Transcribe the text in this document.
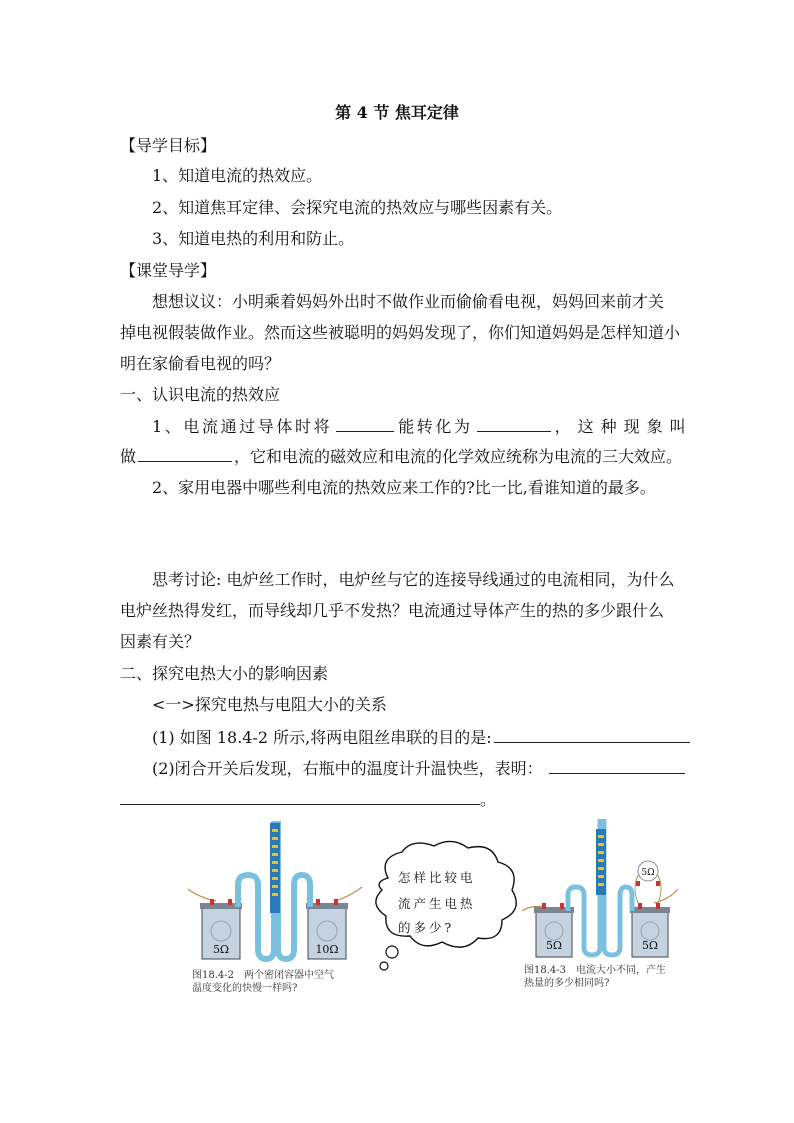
第 4 节 焦耳定律
【导学目标】
1、知道电流的热效应。
2、知道焦耳定律、会探究电流的热效应与哪些因素有关。
3、知道电热的利用和防止。
【课堂导学】
想想议议：小明乘着妈妈外出时不做作业而偷偷看电视，妈妈回来前才关
掉电视假装做作业。然而这些被聪明的妈妈发现了，你们知道妈妈是怎样知道小
明在家偷看电视的吗？
一、认识电流的热效应
1、电流通过导体时将	能转化为	，这种现象叫
做	，它和电流的磁效应和电流的化学效应统称为电流的三大效应。
2、家用电器中哪些利电流的热效应来工作的?比一比,看谁知道的最多。
思考讨论: 电炉丝工作时，电炉丝与它的连接导线通过的电流相同，为什么
电炉丝热得发红，而导线却几乎不发热？电流通过导体产生的热的多少跟什么
因素有关？
二、探究电热大小的影响因素
<一>探究电热与电阻大小的关系
(1) 如图 18.4-2 所示,将两电阻丝串联的目的是:
(2)闭合开关后发现，右瓶中的温度计升温快些，表明：
。
5Ω	10Ω
图18.4-2　两个密闭容器中空气
温度变化的快慢一样吗?
怎样比较电
流产生电热
的多少?
5Ω
5Ω	5Ω
图18.4-3　电流大小不同，产生
热量的多少相同吗?
